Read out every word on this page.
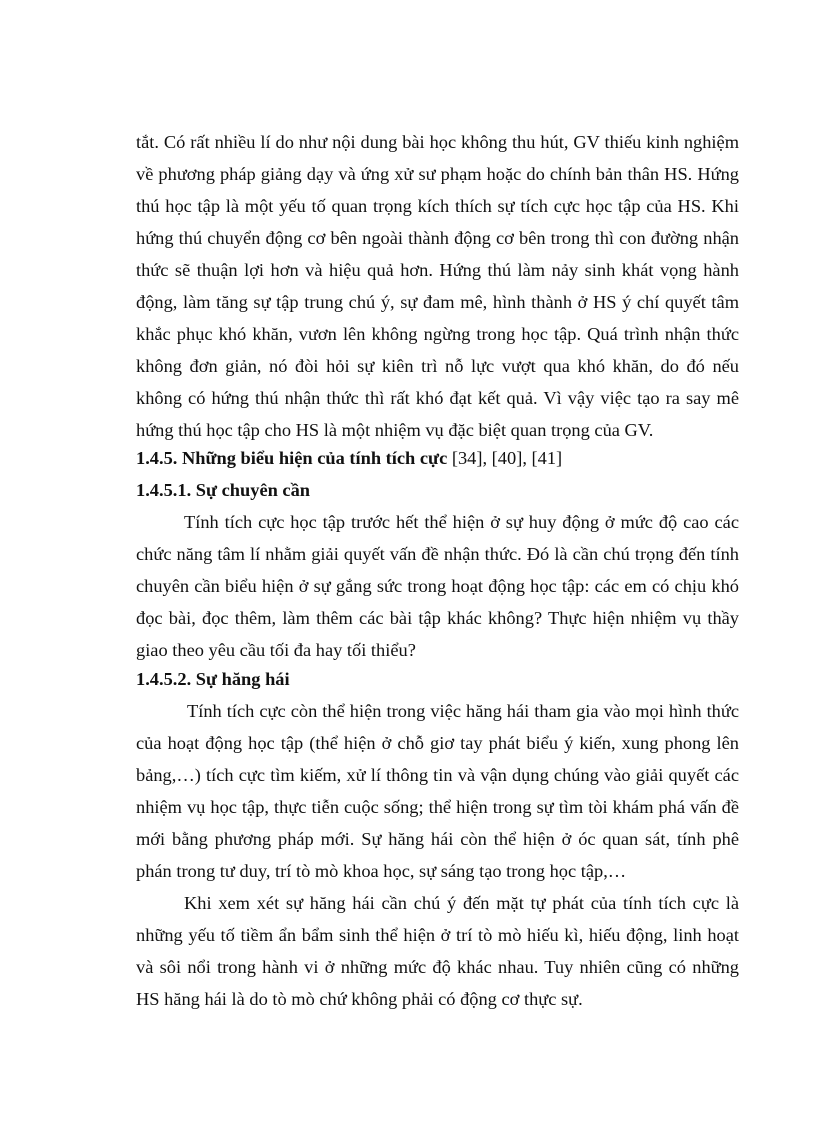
tắt. Có rất nhiều lí do như nội dung bài học không thu hút, GV thiếu kinh nghiệm
về phương pháp giảng dạy và ứng xử sư phạm hoặc do chính bản thân HS. Hứng
thú học tập là một yếu tố quan trọng kích thích sự tích cực học tập của HS. Khi
hứng thú chuyển động cơ bên ngoài thành động cơ bên trong thì con đường nhận
thức sẽ thuận lợi hơn và hiệu quả hơn. Hứng thú làm nảy sinh khát vọng hành
động, làm tăng sự tập trung chú ý, sự đam mê, hình thành ở HS ý chí quyết tâm
khắc phục khó khăn, vươn lên không ngừng trong học tập. Quá trình nhận thức
không đơn giản, nó đòi hỏi sự kiên trì nỗ lực vượt qua khó khăn, do đó nếu
không có hứng thú nhận thức thì rất khó đạt kết quả. Vì vậy việc tạo ra say mê
hứng thú học tập cho HS là một nhiệm vụ đặc biệt quan trọng của GV.
1.4.5. Những biểu hiện của tính tích cực [34], [40], [41]
1.4.5.1. Sự chuyên cần
Tính tích cực học tập trước hết thể hiện ở sự huy động ở mức độ cao các
chức năng tâm lí nhằm giải quyết vấn đề nhận thức. Đó là cần chú trọng đến tính
chuyên cần biểu hiện ở sự gắng sức trong hoạt động học tập: các em có chịu khó
đọc bài, đọc thêm, làm thêm các bài tập khác không? Thực hiện nhiệm vụ thầy
giao theo yêu cầu tối đa hay tối thiểu?
1.4.5.2. Sự hăng hái
Tính tích cực còn thể hiện trong việc hăng hái tham gia vào mọi hình thức
của hoạt động học tập (thể hiện ở chỗ giơ tay phát biểu ý kiến, xung phong lên
bảng,…) tích cực tìm kiếm, xử lí thông tin và vận dụng chúng vào giải quyết các
nhiệm vụ học tập, thực tiễn cuộc sống; thể hiện trong sự tìm tòi khám phá vấn đề
mới bằng phương pháp mới. Sự hăng hái còn thể hiện ở óc quan sát, tính phê
phán trong tư duy, trí tò mò khoa học, sự sáng tạo trong học tập,…
Khi xem xét sự hăng hái cần chú ý đến mặt tự phát của tính tích cực là
những yếu tố tiềm ẩn bẩm sinh thể hiện ở trí tò mò hiếu kì, hiếu động, linh hoạt
và sôi nổi trong hành vi ở những mức độ khác nhau. Tuy nhiên cũng có những
HS hăng hái là do tò mò chứ không phải có động cơ thực sự.
